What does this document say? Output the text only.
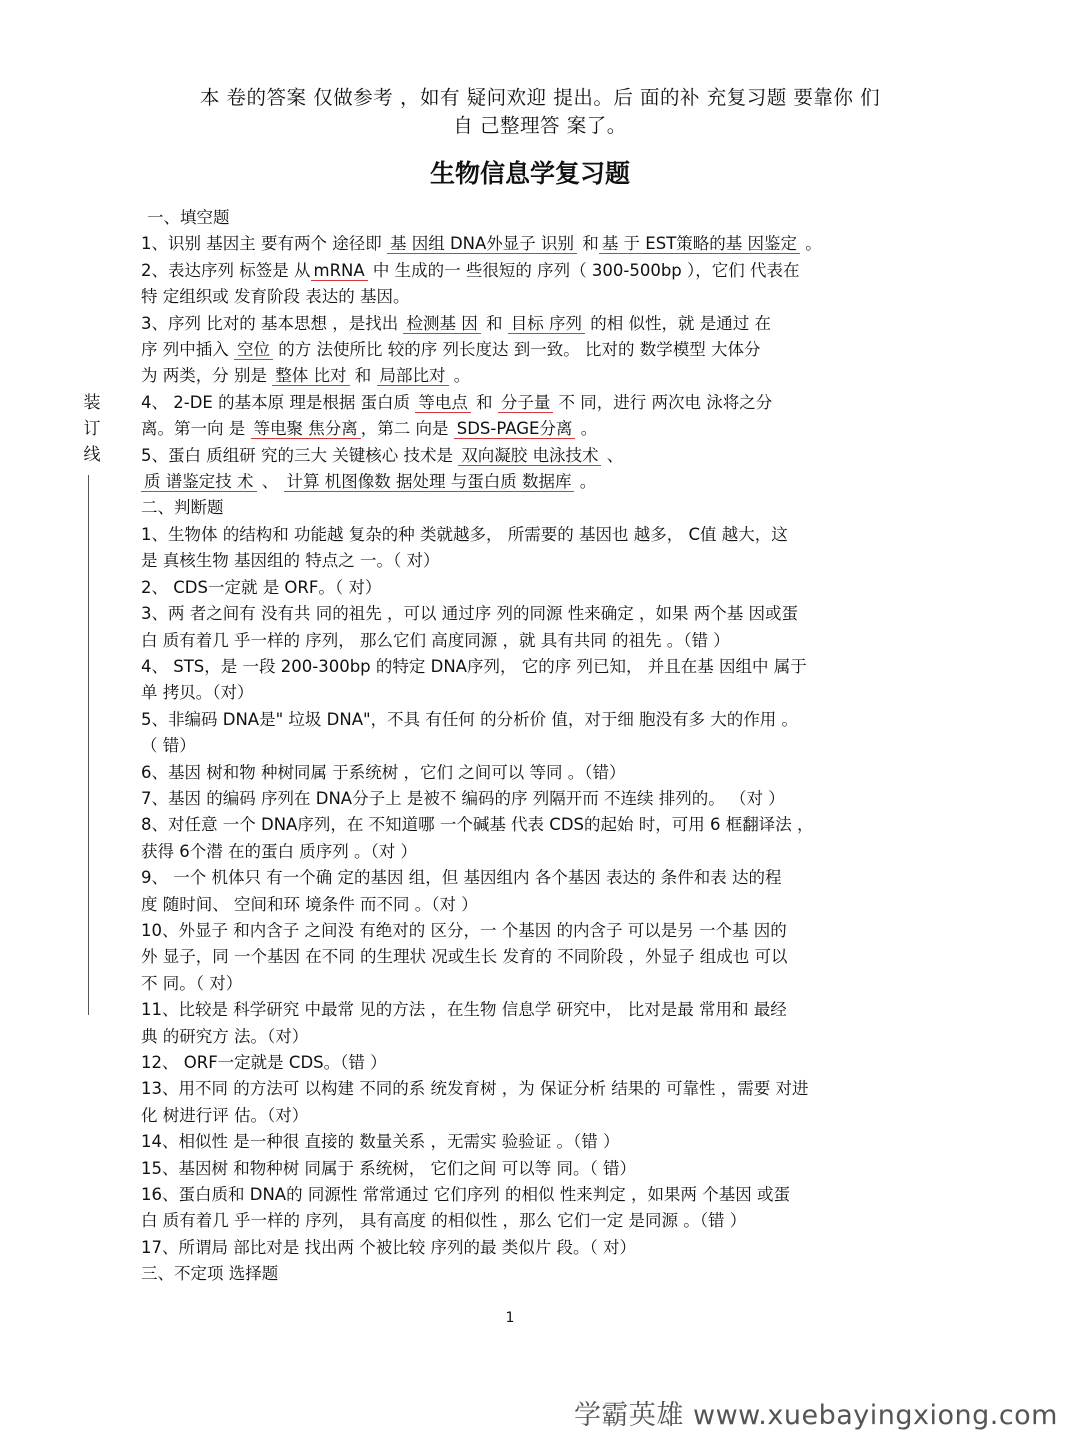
本 卷的答案 仅做参考 ，如有 疑问欢迎 提出。后 面的补 充复习题 要靠你 们
自 己整理答 案了。
生物信息学复习题
装
订
线

一、填空题

1、识别 基因主 要有两个 途径即 基 因组 DNA外显子 识别 和 基 于 EST策略的基 因鉴定 。

2、表达序列 标签是 从 mRNA 中 生成的一 些很短的 序列（ 300-500bp ），它们 代表在

特 定组织或 发育阶段 表达的 基因。

3、序列 比对的 基本思想 ，是找出 检测基 因 和 目标 序列 的相 似性，就 是通过 在

序 列中插入 空位 的方 法使所比 较的序 列长度达 到一致。 比对的 数学模型 大体分

为 两类，分 别是 整体 比对 和 局部比对 。

4、 2-DE 的基本原 理是根据 蛋白质 等电点 和 分子量 不 同，进行 两次电 泳将之分

离。第一向 是 等电聚 焦分离 ，第二 向是 SDS-PAGE分离 。

5、蛋白 质组研 究的三大 关键核心 技术是 双向凝胶 电泳技术 、

质 谱鉴定技 术 、 计算 机图像数 据处理 与蛋白质 数据库 。

二、判断题

1、生物体 的结构和 功能越 复杂的种 类就越多， 所需要的 基因也 越多， C值 越大，这

是 真核生物 基因组的 特点之 一。（ 对）

2、 CDS一定就 是 ORF。（ 对）

3、两 者之间有 没有共 同的祖先 ，可以 通过序 列的同源 性来确定 ，如果 两个基 因或蛋

白 质有着几 乎一样的 序列， 那么它们 高度同源 ，就 具有共同 的祖先 。（错 ）

4、 STS，是 一段 200-300bp 的特定 DNA序列， 它的序 列已知， 并且在基 因组中 属于

单 拷贝。（对）

5、非编码 DNA是" 垃圾 DNA"，不具 有任何 的分析价 值，对于细 胞没有多 大的作用 。

（ 错）

6、基因 树和物 种树同属 于系统树 ，它们 之间可以 等同 。（错）

7、基因 的编码 序列在 DNA分子上 是被不 编码的序 列隔开而 不连续 排列的。 （对 ）

8、对任意 一个 DNA序列，在 不知道哪 一个碱基 代表 CDS的起始 时，可用 6 框翻译法 ，

获得 6个潜 在的蛋白 质序列 。（对 ）

9、 一个 机体只 有一个确 定的基因 组，但 基因组内 各个基因 表达的 条件和表 达的程

度 随时间、 空间和环 境条件 而不同 。（对 ）

10、外显子 和内含子 之间没 有绝对的 区分，一 个基因 的内含子 可以是另 一个基 因的

外 显子，同 一个基因 在不同 的生理状 况或生长 发育的 不同阶段 ，外显子 组成也 可以

不 同。（ 对）

11、比较是 科学研究 中最常 见的方法 ，在生物 信息学 研究中， 比对是最 常用和 最经

典 的研究方 法。（对）

12、 ORF一定就是 CDS。（错 ）

13、用不同 的方法可 以构建 不同的系 统发育树 ，为 保证分析 结果的 可靠性 ，需要 对进

化 树进行评 估。（对）

14、相似性 是一种很 直接的 数量关系 ，无需实 验验证 。（错 ）

15、基因树 和物种树 同属于 系统树， 它们之间 可以等 同。（ 错）

16、蛋白质和 DNA的 同源性 常常通过 它们序列 的相似 性来判定 ，如果两 个基因 或蛋

白 质有着几 乎一样的 序列， 具有高度 的相似性 ，那么 它们一定 是同源 。（错 ）

17、所谓局 部比对是 找出两 个被比较 序列的最 类似片 段。（ 对）

三、不定项 选择题

1
学霸英雄 www.xuebayingxiong.com
